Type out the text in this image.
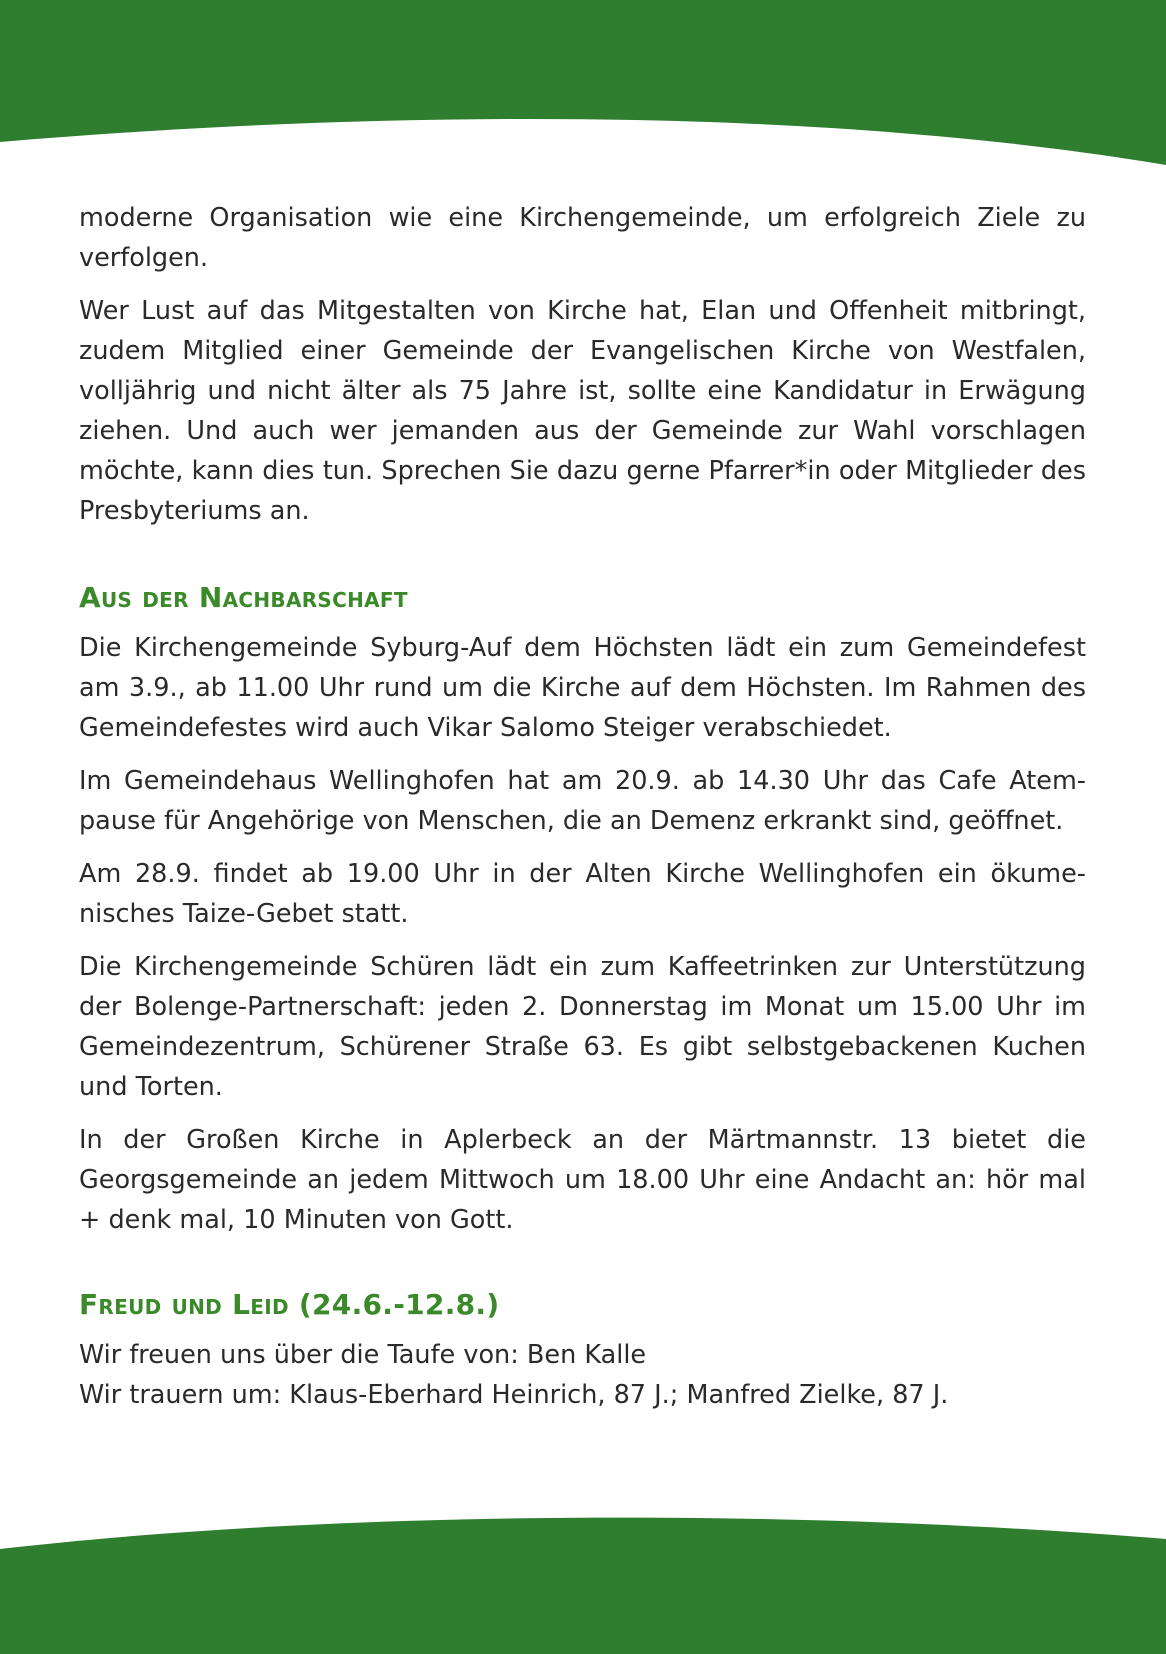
moderne Organisation wie eine Kirchengemeinde, um erfolgreich Ziele zu verfolgen.

Wer Lust auf das Mitgestalten von Kirche hat, Elan und Offenheit mitbringt, zudem Mitglied einer Gemeinde der Evangelischen Kirche von Westfalen, volljährig und nicht älter als 75 Jahre ist, sollte eine Kandidatur in Erwägung ziehen. Und auch wer jemanden aus der Gemeinde zur Wahl vorschlagen möchte, kann dies tun. Sprechen Sie dazu gerne Pfarrer*in oder Mitglieder des Presbyteriums an.

Aus der Nachbarschaft

Die Kirchengemeinde Syburg-Auf dem Höchsten lädt ein zum Gemeindefest am 3.9., ab 11.00 Uhr rund um die Kirche auf dem Höchsten. Im Rahmen des Gemeindefestes wird auch Vikar Salomo Steiger verabschiedet.

Im Gemeindehaus Wellinghofen hat am 20.9. ab 14.30 Uhr das Cafe Atempause für Angehörige von Menschen, die an Demenz erkrankt sind, geöffnet.

Am 28.9. findet ab 19.00 Uhr in der Alten Kirche Wellinghofen ein ökumenisches Taize-Gebet statt.

Die Kirchengemeinde Schüren lädt ein zum Kaffeetrinken zur Unterstützung der Bolenge-Partnerschaft: jeden 2. Donnerstag im Monat um 15.00 Uhr im Gemeindezentrum, Schürener Straße 63. Es gibt selbstgebackenen Kuchen und Torten.

In der Großen Kirche in Aplerbeck an der Märtmannstr. 13 bietet die Georgsgemeinde an jedem Mittwoch um 18.00 Uhr eine Andacht an: hör mal + denk mal, 10 Minuten von Gott.

Freud und Leid (24.6.-12.8.)

Wir freuen uns über die Taufe von: Ben Kalle
Wir trauern um: Klaus-Eberhard Heinrich, 87 J.; Manfred Zielke, 87 J.
